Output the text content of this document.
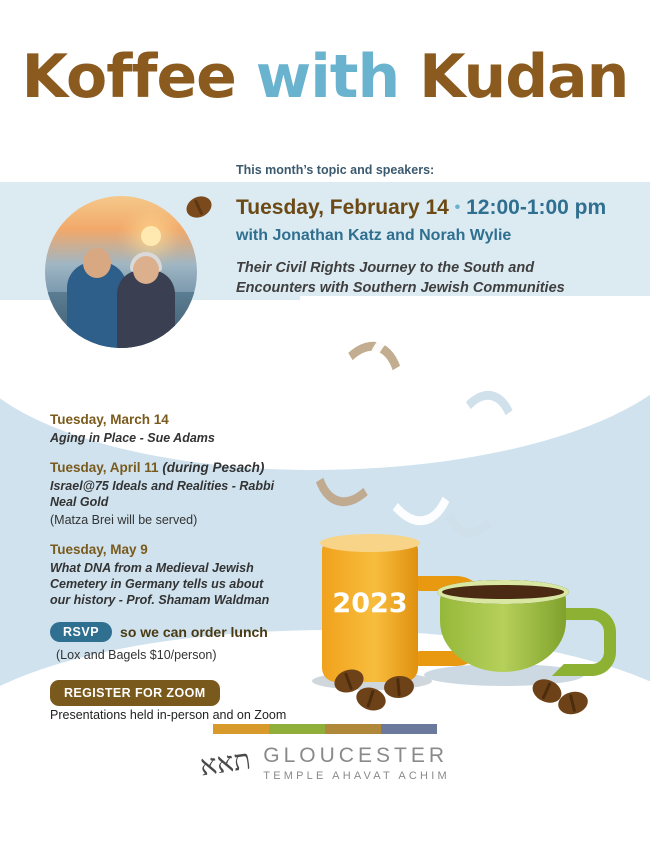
Koffee with Kudan
This month’s topic and speakers:
Tuesday, February 14 • 12:00-1:00 pm
with Jonathan Katz and Norah Wylie
Their Civil Rights Journey to the South and Encounters with Southern Jewish Communities

Tuesday, March 14

Aging in Place - Sue Adams

Tuesday, April 11 (during Pesach)

Israel@75 Ideals and Realities - Rabbi Neal Gold

(Matza Brei will be served)

Tuesday, May 9

What DNA from a Medieval Jewish Cemetery in Germany tells us about our history - Prof. Shamam Waldman

RSVP	so we can order lunch
(Lox and Bagels $10/person)
REGISTER FOR ZOOM
Presentations held in-person and on Zoom
תאא GLOUCESTER
TEMPLE AHAVAT ACHIM
2023
